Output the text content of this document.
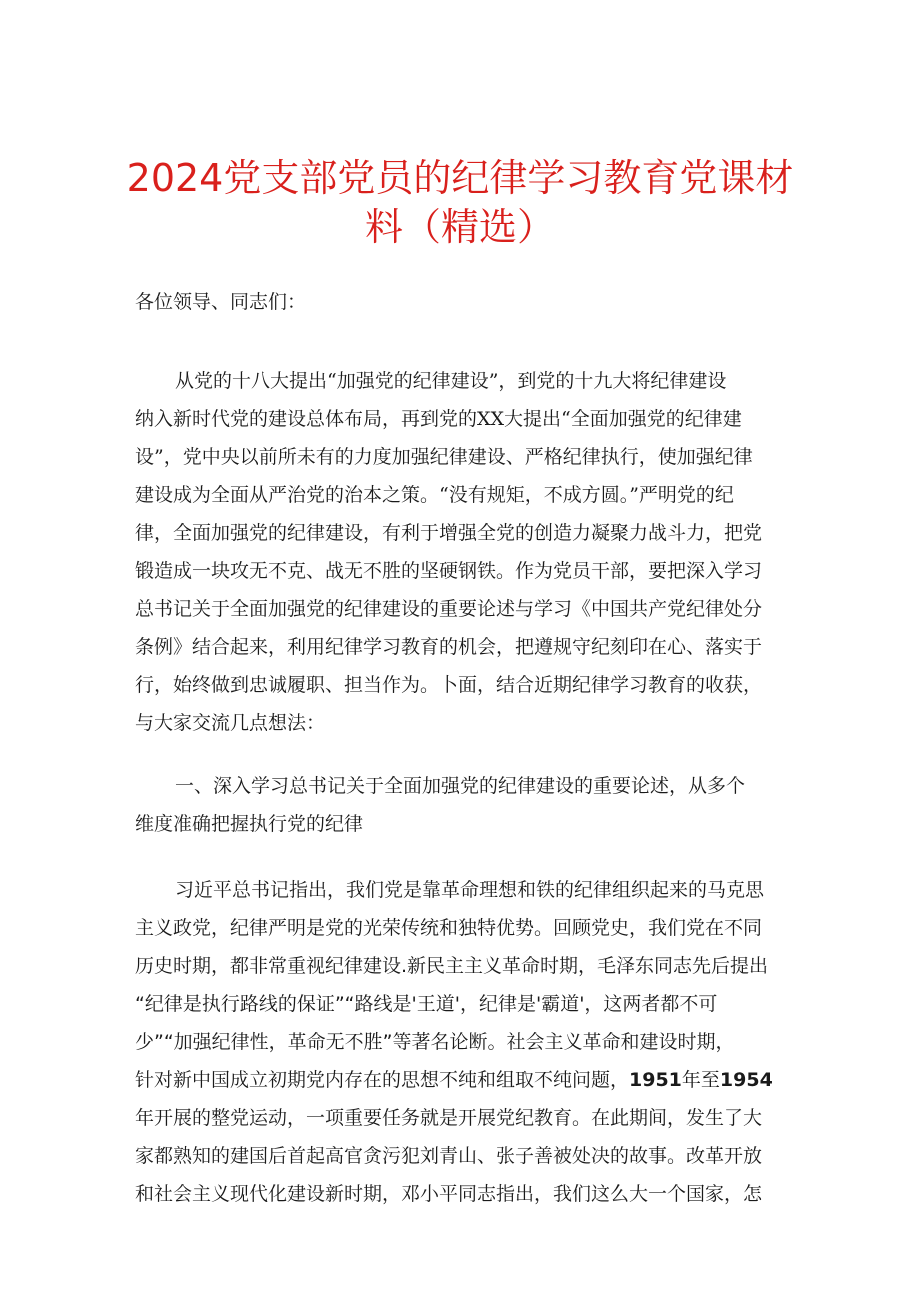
2024党支部党员的纪律学习教育党课材
料（精选）

各位领导、同志们：

从党的十八大提出“加强党的纪律建设”，到党的十九大将纪律建设

纳入新时代党的建设总体布局，再到党的XX大提出“全面加强党的纪律建

设”，党中央以前所未有的力度加强纪律建设、严格纪律执行，使加强纪律

建设成为全面从严治党的治本之策。“没有规矩，不成方圆。”严明党的纪

律，全面加强党的纪律建设，有利于增强全党的创造力凝聚力战斗力，把党

锻造成一块攻无不克、战无不胜的坚硬钢铁。作为党员干部，要把深入学习

总书记关于全面加强党的纪律建设的重要论述与学习《中国共产党纪律处分

条例》结合起来，利用纪律学习教育的机会，把遵规守纪刻印在心、落实于

行，始终做到忠诚履职、担当作为。卜面，结合近期纪律学习教育的收获，

与大家交流几点想法：

一、深入学习总书记关于全面加强党的纪律建设的重要论述，从多个

维度准确把握执行党的纪律

习近平总书记指出，我们党是靠革命理想和铁的纪律组织起来的马克思

主义政党，纪律严明是党的光荣传统和独特优势。回顾党史，我们党在不同

历史时期，都非常重视纪律建设.新民主主义革命时期，毛泽东同志先后提出

“纪律是执行路线的保证”“路线是'王道'，纪律是'霸道'，这两者都不可

少”“加强纪律性，革命无不胜”等著名论断。社会主义革命和建设时期，

针对新中国成立初期党内存在的思想不纯和组取不纯问题，1951年至1954

年开展的整党运动，一项重要任务就是开展党纪教育。在此期间，发生了大

家都熟知的建国后首起高官贪污犯刘青山、张子善被处决的故事。改革开放

和社会主义现代化建设新时期，邓小平同志指出，我们这么大一个国家，怎
